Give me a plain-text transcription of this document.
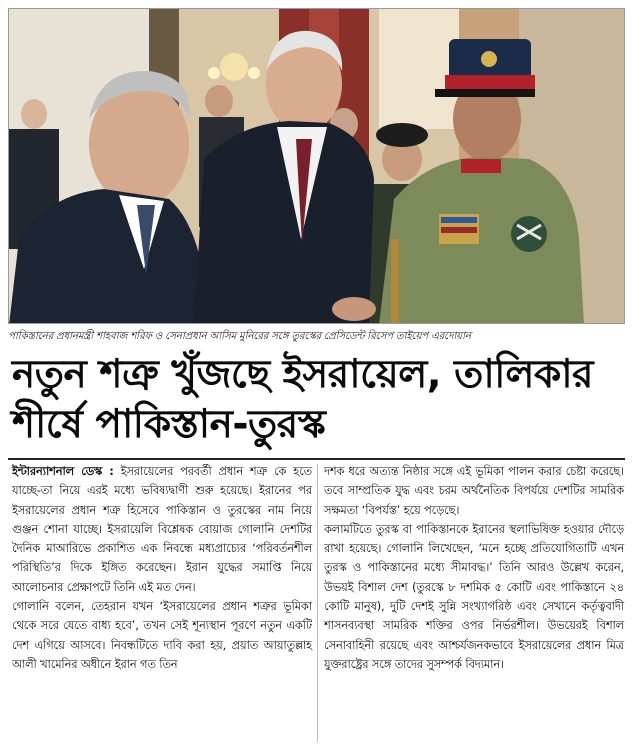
পাকিস্তানের প্রধানমন্ত্রী শাহবাজ শরিফ ও সেনাপ্রধান আসিম মুনিরের সঙ্গে তুরস্কের প্রেসিডেন্ট রিসেপ তাইয়েপ এরদোয়ান
নতুন শত্রু খুঁজছে ইসরায়েল, তালিকার
শীর্ষে পাকিস্তান-তুরস্ক

ইন্টারন্যাশনাল ডেস্ক : ইসরায়েলের পরবর্তী প্রধান শত্রু কে হতে যাচ্ছে-তা নিয়ে এরই মধ্যে ভবিষ্যদ্বাণী শুরু হয়েছে। ইরানের পর ইসরায়েলের প্রধান শত্রু হিসেবে পাকিস্তান ও তুরস্কের নাম নিয়ে গুঞ্জন শোনা যাচ্ছে। ইসরায়েলি বিশ্লেষক বোয়াজ গোলানি দেশটির দৈনিক মাআরিভে প্রকাশিত এক নিবন্ধে মধ্যপ্রাচ্যের ‘পরিবর্তনশীল পরিস্থিতি’র দিকে ইঙ্গিত করেছেন। ইরান যুদ্ধের সমাপ্তি নিয়ে আলোচনার প্রেক্ষাপটে তিনি এই মত দেন।

গোলানি বলেন, তেহরান যখন ‘ইসরায়েলের প্রধান শত্রুর ভূমিকা থেকে সরে যেতে বাধ্য হবে’, তখন সেই শূন্যস্থান পূরণে নতুন একটি দেশ এগিয়ে আসবে। নিবন্ধটিতে দাবি করা হয়, প্রয়াত আয়াতুল্লাহ আলী খামেনির অধীনে ইরান গত তিন

দশক ধরে অত্যন্ত নিষ্ঠার সঙ্গে এই ভূমিকা পালন করার চেষ্টা করেছে। তবে সাম্প্রতিক যুদ্ধ এবং চরম অর্থনৈতিক বিপর্যয়ে দেশটির সামরিক সক্ষমতা ‘বিপর্যস্ত’ হয়ে পড়েছে।

কলামটিতে তুরস্ক বা পাকিস্তানকে ইরানের স্থলাভিষিক্ত হওয়ার দৌড়ে রাখা হয়েছে। গোলানি লিখেছেন, ‘মনে হচ্ছে প্রতিযোগিতাটি এখন তুরস্ক ও পাকিস্তানের মধ্যে সীমাবদ্ধ।’ তিনি আরও উল্লেখ করেন, উভয়ই বিশাল দেশ (তুরস্কে ৮ দশমিক ৫ কোটি এবং পাকিস্তানে ২৪ কোটি মানুষ), দুটি দেশই সুন্নি সংখ্যাগরিষ্ঠ এবং সেখানে কর্তৃত্ববাদী শাসনব্যবস্থা সামরিক শক্তির ওপর নির্ভরশীল। উভয়েরই বিশাল সেনাবাহিনী রয়েছে এবং আশ্চর্যজনকভাবে ইসরায়েলের প্রধান মিত্র যুক্তরাষ্ট্রের সঙ্গে তাদের সুসম্পর্ক বিদ্যমান।
